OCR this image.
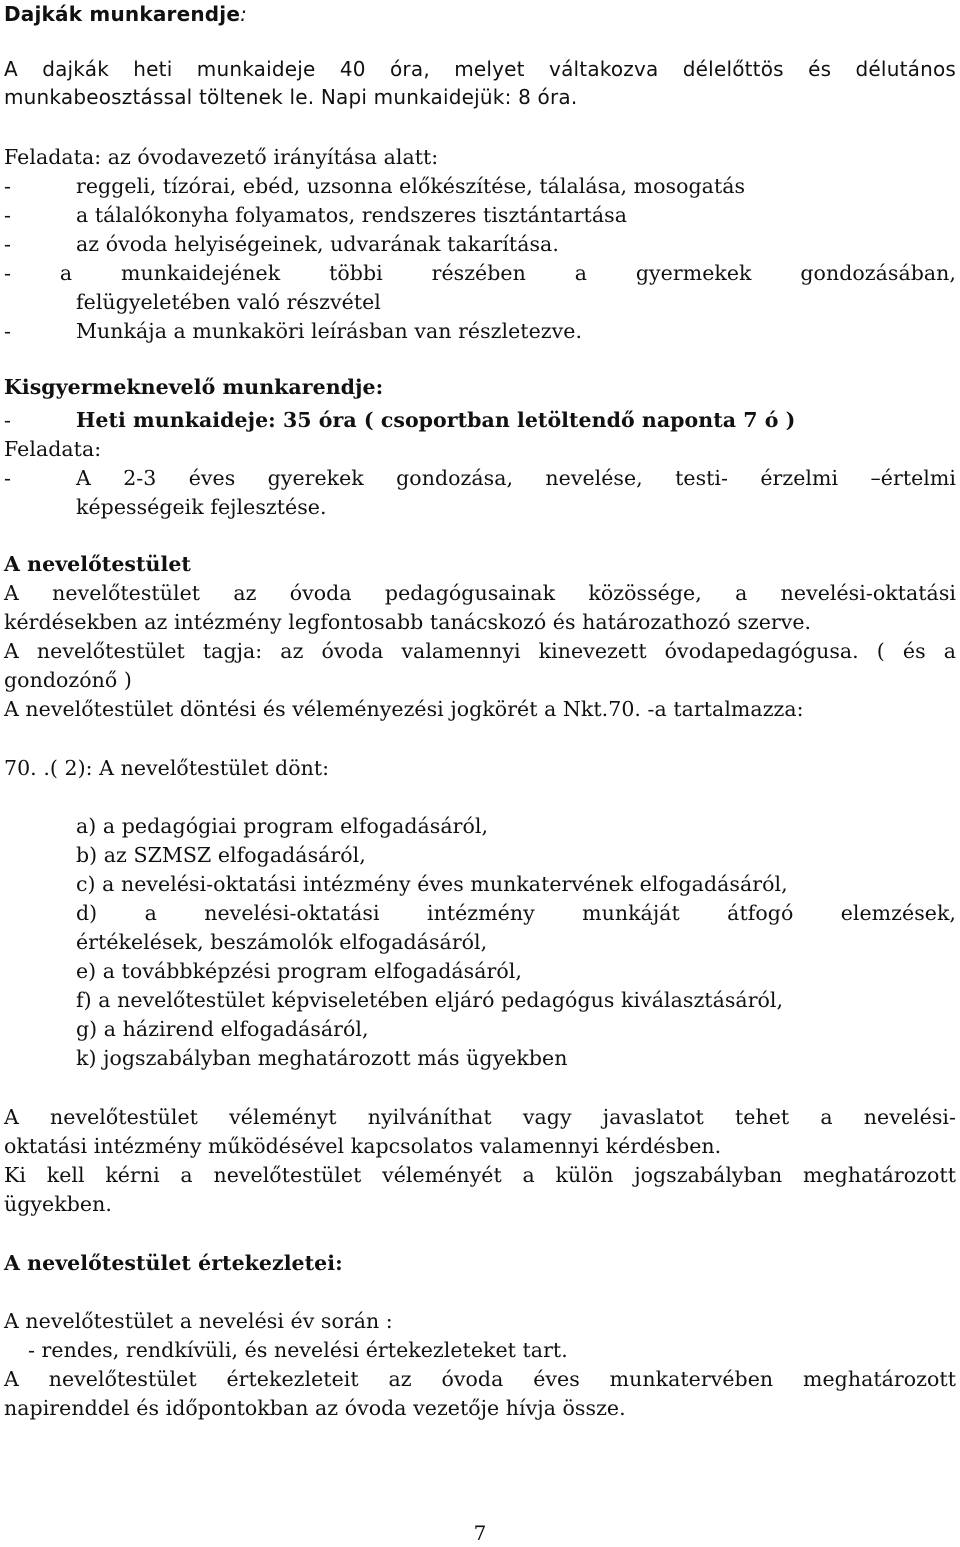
Dajkák munkarendje:

A dajkák heti munkaideje 40 óra, melyet váltakozva délelőttös és délutános

munkabeosztással töltenek le. Napi munkaidejük: 8 óra.

Feladata: az óvodavezető irányítása alatt:

-	reggeli, tízórai, ebéd, uzsonna előkészítése, tálalása, mosogatás

-	a tálalókonyha folyamatos, rendszeres tisztántartása

-	az óvoda helyiségeinek, udvarának takarítása.

- a munkaidejének többi részében a gyermekek gondozásában,

felügyeletében való részvétel

-	Munkája a munkaköri leírásban van részletezve.

Kisgyermeknevelő munkarendje:

-	Heti munkaideje: 35 óra ( csoportban letöltendő naponta 7 ó )

Feladata:

-	A 2-3 éves gyerekek gondozása, nevelése, testi- érzelmi –értelmi

képességeik fejlesztése.

A nevelőtestület

A nevelőtestület az óvoda pedagógusainak közössége, a nevelési-oktatási

kérdésekben az intézmény legfontosabb tanácskozó és határozathozó szerve.

A nevelőtestület tagja: az óvoda valamennyi kinevezett óvodapedagógusa. ( és a

gondozónő )

A nevelőtestület döntési és véleményezési jogkörét a Nkt.70. -a tartalmazza:

70. .( 2): A nevelőtestület dönt:

a) a pedagógiai program elfogadásáról,

b) az SZMSZ elfogadásáról,

c) a nevelési-oktatási intézmény éves munkatervének elfogadásáról,

d) a nevelési-oktatási intézmény munkáját átfogó elemzések,

értékelések, beszámolók elfogadásáról,

e) a továbbképzési program elfogadásáról,

f) a nevelőtestület képviseletében eljáró pedagógus kiválasztásáról,

g) a házirend elfogadásáról,

k) jogszabályban meghatározott más ügyekben

A nevelőtestület véleményt nyilváníthat vagy javaslatot tehet a nevelési-

oktatási intézmény működésével kapcsolatos valamennyi kérdésben.

Ki kell kérni a nevelőtestület véleményét a külön jogszabályban meghatározott

ügyekben.

A nevelőtestület értekezletei:

A nevelőtestület a nevelési év során :

- rendes, rendkívüli, és nevelési értekezleteket tart.

A nevelőtestület értekezleteit az óvoda éves munkatervében meghatározott

napirenddel és időpontokban az óvoda vezetője hívja össze.

7
